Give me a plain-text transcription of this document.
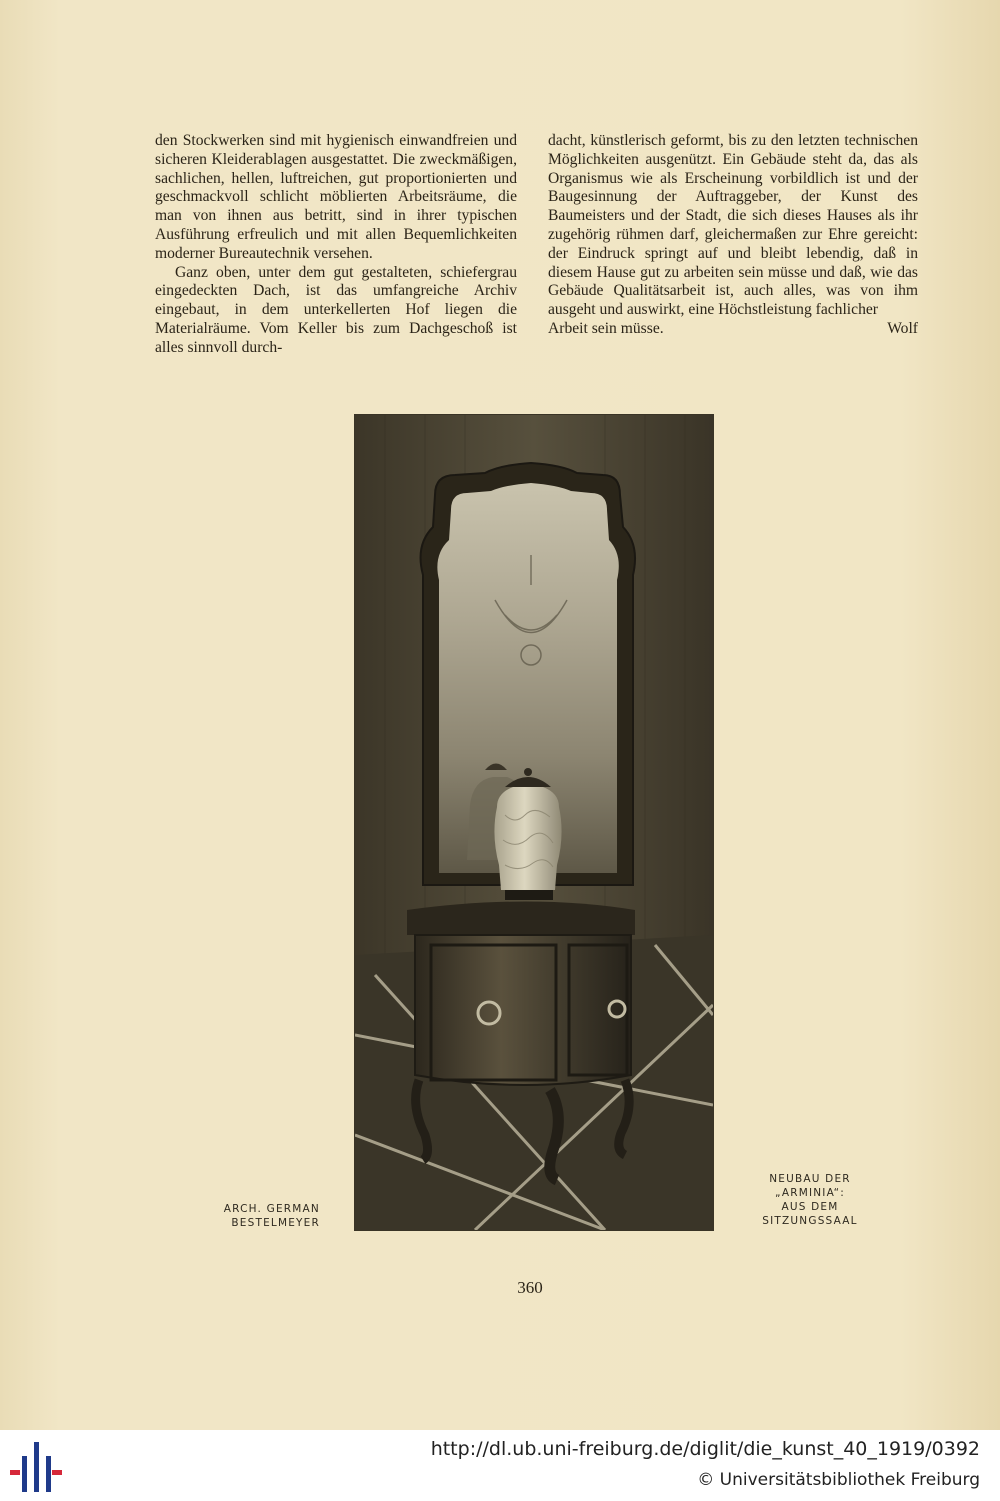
den Stockwerken sind mit hygienisch einwandfreien und sicheren Kleiderablagen ausgestattet. Die zweckmäßigen, sachlichen, hellen, luftreichen, gut proportionierten und geschmackvoll schlicht möblierten Arbeitsräume, die man von ihnen aus betritt, sind in ihrer typischen Ausführung erfreulich und mit allen Bequemlichkeiten moderner Bureautechnik versehen.

Ganz oben, unter dem gut gestalteten, schiefergrau eingedeckten Dach, ist das umfangreiche Archiv eingebaut, in dem unterkellerten Hof liegen die Materialräume. Vom Keller bis zum Dachgeschoß ist alles sinnvoll durch-

dacht, künstlerisch geformt, bis zu den letzten technischen Möglichkeiten ausgenützt. Ein Gebäude steht da, das als Organismus wie als Erscheinung vorbildlich ist und der Baugesinnung der Auftraggeber, der Kunst des Baumeisters und der Stadt, die sich dieses Hauses als ihr zugehörig rühmen darf, gleichermaßen zur Ehre gereicht: der Eindruck springt auf und bleibt lebendig, daß in diesem Hause gut zu arbeiten sein müsse und daß, wie das Gebäude Qualitätsarbeit ist, auch alles, was von ihm ausgeht und auswirkt, eine Höchstleistung fachlicher

Arbeit sein müsse.	Wolf
ARCH. GERMAN
BESTELMEYER
NEUBAU DER
„ARMINIA“:
AUS DEM
SITZUNGSSAAL
360
http://dl.ub.uni-freiburg.de/diglit/die_kunst_40_1919/0392
© Universitätsbibliothek Freiburg
